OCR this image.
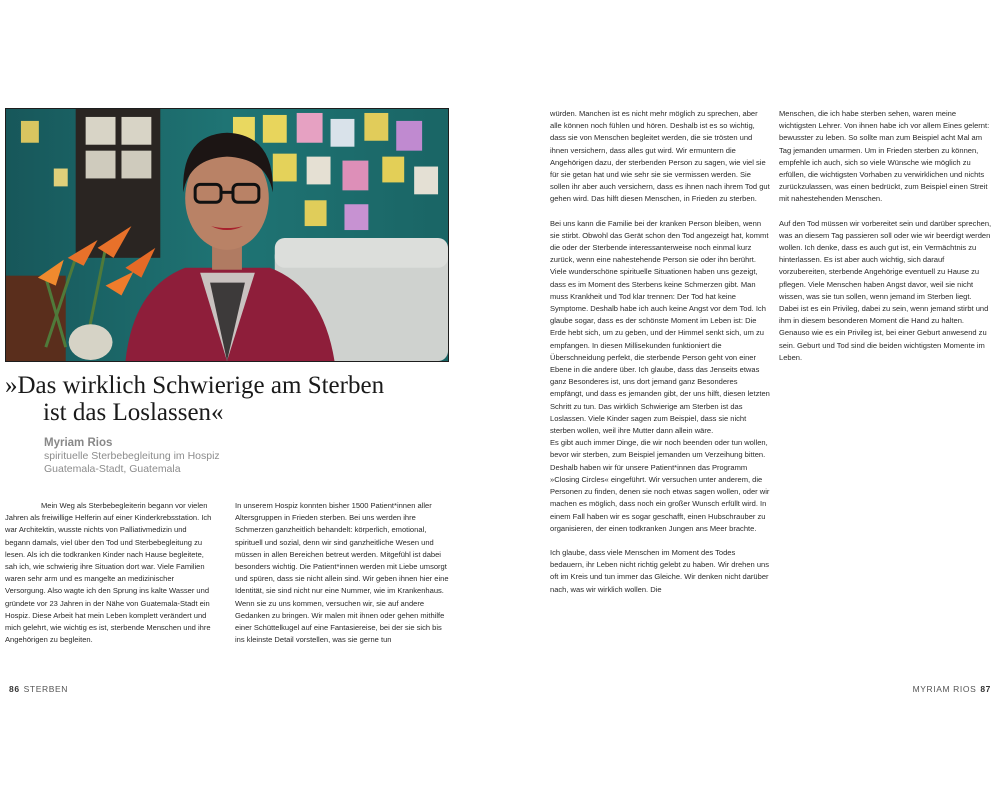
»Das wirklich Schwierige am Sterben
ist das Loslassen«
Myriam Rios
spirituelle Sterbebegleitung im Hospiz
Guatemala-Stadt, Guatemala

Mein Weg als Sterbebegleiterin begann vor vielen Jahren als freiwillige Helferin auf einer Kinderkrebsstation. Ich war Architektin, wusste nichts von Palliativmedizin und begann damals, viel über den Tod und Sterbebegleitung zu lesen. Als ich die todkranken Kinder nach Hause begleitete, sah ich, wie schwierig ihre Situation dort war. Viele Familien waren sehr arm und es mangelte an medizinischer Versorgung. Also wagte ich den Sprung ins kalte Wasser und gründete vor 23 Jahren in der Nähe von Guatemala-Stadt ein Hospiz. Diese Arbeit hat mein Leben komplett verändert und mich gelehrt, wie wichtig es ist, sterbende Menschen und ihre Angehörigen zu begleiten.

In unserem Hospiz konnten bisher 1500 Patient*innen aller Altersgruppen in Frieden sterben. Bei uns werden ihre Schmerzen ganzheitlich behandelt: körperlich, emotional, spirituell und sozial, denn wir sind ganzheitliche Wesen und müssen in allen Bereichen betreut werden. Mitgefühl ist dabei besonders wichtig. Die Patient*innen werden mit Liebe umsorgt und spüren, dass sie nicht allein sind. Wir geben ihnen hier eine Identität, sie sind nicht nur eine Nummer, wie im Krankenhaus. Wenn sie zu uns kommen, versuchen wir, sie auf andere Gedanken zu bringen. Wir malen mit ihnen oder gehen mithilfe einer Schüttelkugel auf eine Fantasiereise, bei der sie sich bis ins kleinste Detail vorstellen, was sie gerne tun

würden. Manchen ist es nicht mehr möglich zu sprechen, aber alle können noch fühlen und hören. Deshalb ist es so wichtig, dass sie von Menschen begleitet werden, die sie trösten und ihnen versichern, dass alles gut wird. Wir ermuntern die Angehörigen dazu, der sterbenden Person zu sagen, wie viel sie für sie getan hat und wie sehr sie sie vermissen werden. Sie sollen ihr aber auch versichern, dass es ihnen nach ihrem Tod gut gehen wird. Das hilft diesen Menschen, in Frieden zu sterben.

Bei uns kann die Familie bei der kranken Person bleiben, wenn sie stirbt. Obwohl das Gerät schon den Tod angezeigt hat, kommt die oder der Sterbende interessanterweise noch einmal kurz zurück, wenn eine nahestehende Person sie oder ihn berührt. Viele wunderschöne spirituelle Situationen haben uns gezeigt, dass es im Moment des Sterbens keine Schmerzen gibt. Man muss Krankheit und Tod klar trennen: Der Tod hat keine Symptome. Deshalb habe ich auch keine Angst vor dem Tod. Ich glaube sogar, dass es der schönste Moment im Leben ist: Die Erde hebt sich, um zu geben, und der Himmel senkt sich, um zu empfangen. In diesen Millisekunden funktioniert die Überschneidung perfekt, die sterbende Person geht von einer Ebene in die andere über. Ich glaube, dass das Jenseits etwas ganz Besonderes ist, uns dort jemand ganz Besonderes empfängt, und dass es jemanden gibt, der uns hilft, diesen letzten Schritt zu tun. Das wirklich Schwierige am Sterben ist das Loslassen. Viele Kinder sagen zum Beispiel, dass sie nicht sterben wollen, weil ihre Mutter dann allein wäre.

Es gibt auch immer Dinge, die wir noch beenden oder tun wollen, bevor wir sterben, zum Beispiel jemanden um Verzeihung bitten. Deshalb haben wir für unsere Patient*innen das Programm »Closing Circles« eingeführt. Wir versuchen unter anderem, die Personen zu finden, denen sie noch etwas sagen wollen, oder wir machen es möglich, dass noch ein großer Wunsch erfüllt wird. In einem Fall haben wir es sogar geschafft, einen Hubschrauber zu organisieren, der einen todkranken Jungen ans Meer brachte.

Ich glaube, dass viele Menschen im Moment des Todes bedauern, ihr Leben nicht richtig gelebt zu haben. Wir drehen uns oft im Kreis und tun immer das Gleiche. Wir denken nicht darüber nach, was wir wirklich wollen. Die

Menschen, die ich habe sterben sehen, waren meine wichtigsten Lehrer. Von ihnen habe ich vor allem Eines gelernt: bewusster zu leben. So sollte man zum Beispiel acht Mal am Tag jemanden umarmen. Um in Frieden sterben zu können, empfehle ich auch, sich so viele Wünsche wie möglich zu erfüllen, die wichtigsten Vorhaben zu verwirklichen und nichts zurückzulassen, was einen bedrückt, zum Beispiel einen Streit mit nahestehenden Menschen.

Auf den Tod müssen wir vorbereitet sein und darüber sprechen, was an diesem Tag passieren soll oder wie wir beerdigt werden wollen. Ich denke, dass es auch gut ist, ein Vermächtnis zu hinterlassen. Es ist aber auch wichtig, sich darauf vorzubereiten, sterbende Angehörige eventuell zu Hause zu pflegen. Viele Menschen haben Angst davor, weil sie nicht wissen, was sie tun sollen, wenn jemand im Sterben liegt. Dabei ist es ein Privileg, dabei zu sein, wenn jemand stirbt und ihm in diesem besonderen Moment die Hand zu halten. Genauso wie es ein Privileg ist, bei einer Geburt anwesend zu sein. Geburt und Tod sind die beiden wichtigsten Momente im Leben.

86 STERBEN	MYRIAM RIOS 87
